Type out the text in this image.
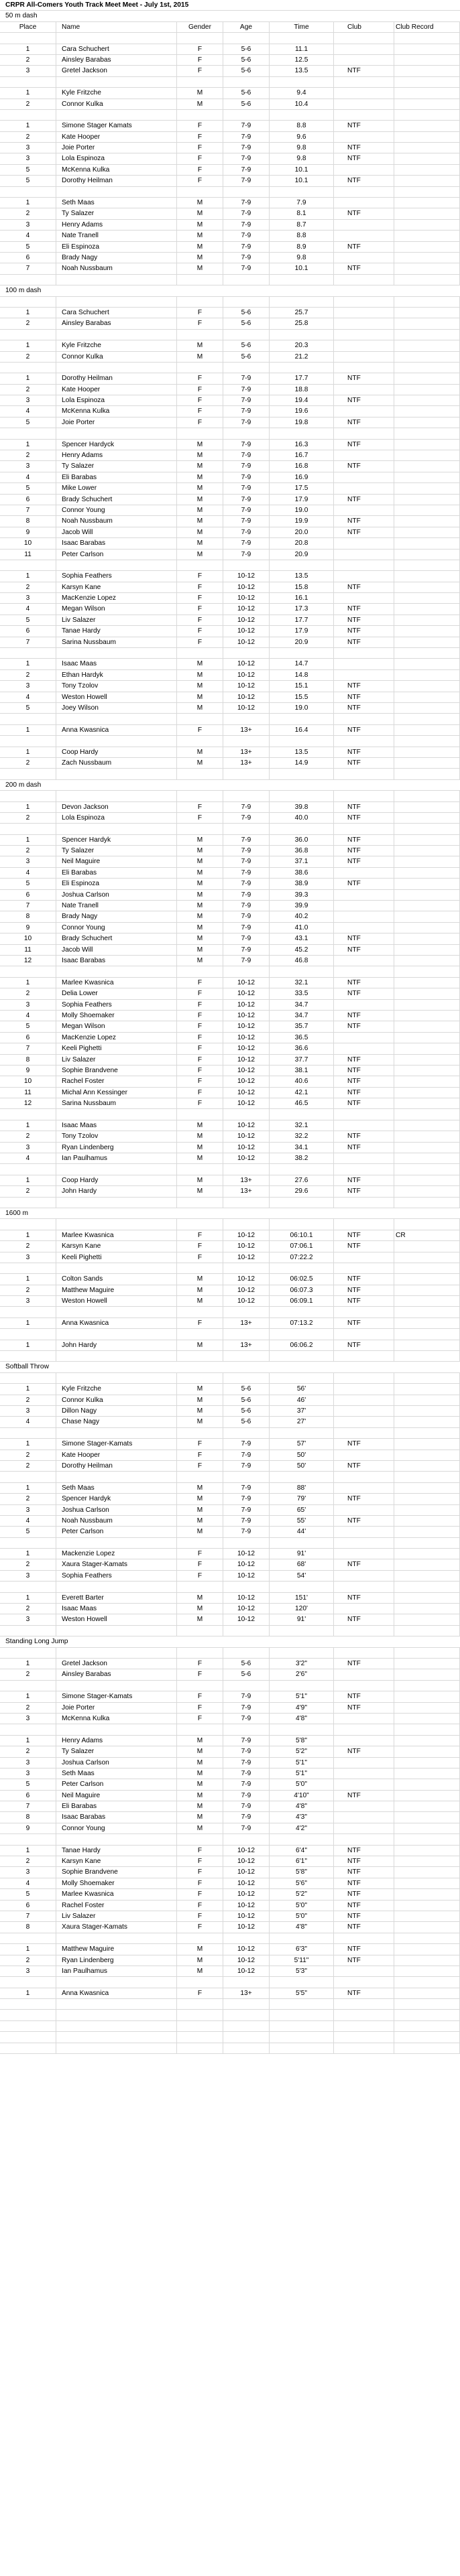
CRPR All-Comers Youth Track Meet Meet - July 1st, 2015
50 m dash
Place	Name	Gender	Age	Time	Club	Club Record
1	Cara Schuchert	F	5-6	11.1
2	Ainsley Barabas	F	5-6	12.5
3	Gretel Jackson	F	5-6	13.5	NTF
1	Kyle Fritzche	M	5-6	9.4
2	Connor Kulka	M	5-6	10.4
1	Simone Stager Kamats	F	7-9	8.8	NTF
2	Kate Hooper	F	7-9	9.6
3	Joie Porter	F	7-9	9.8	NTF
3	Lola Espinoza	F	7-9	9.8	NTF
5	McKenna Kulka	F	7-9	10.1
5	Dorothy Heilman	F	7-9	10.1	NTF
1	Seth Maas	M	7-9	7.9
2	Ty Salazer	M	7-9	8.1	NTF
3	Henry Adams	M	7-9	8.7
4	Nate Tranell	M	7-9	8.8
5	Eli Espinoza	M	7-9	8.9	NTF
6	Brady Nagy	M	7-9	9.8
7	Noah Nussbaum	M	7-9	10.1	NTF
100 m dash
1	Cara Schuchert	F	5-6	25.7
2	Ainsley Barabas	F	5-6	25.8
1	Kyle Fritzche	M	5-6	20.3
2	Connor Kulka	M	5-6	21.2
1	Dorothy Heilman	F	7-9	17.7	NTF
2	Kate Hooper	F	7-9	18.8
3	Lola Espinoza	F	7-9	19.4	NTF
4	McKenna Kulka	F	7-9	19.6
5	Joie Porter	F	7-9	19.8	NTF
1	Spencer Hardyck	M	7-9	16.3	NTF
2	Henry Adams	M	7-9	16.7
3	Ty Salazer	M	7-9	16.8	NTF
4	Eli Barabas	M	7-9	16.9
5	Mike Lower	M	7-9	17.5
6	Brady Schuchert	M	7-9	17.9	NTF
7	Connor Young	M	7-9	19.0
8	Noah Nussbaum	M	7-9	19.9	NTF
9	Jacob Will	M	7-9	20.0	NTF
10	Isaac Barabas	M	7-9	20.8
11	Peter Carlson	M	7-9	20.9
1	Sophia Feathers	F	10-12	13.5
2	Karsyn Kane	F	10-12	15.8	NTF
3	MacKenzie Lopez	F	10-12	16.1
4	Megan Wilson	F	10-12	17.3	NTF
5	Liv Salazer	F	10-12	17.7	NTF
6	Tanae Hardy	F	10-12	17.9	NTF
7	Sarina Nussbaum	F	10-12	20.9	NTF
1	Isaac Maas	M	10-12	14.7
2	Ethan Hardyk	M	10-12	14.8
3	Tony Tzolov	M	10-12	15.1	NTF
4	Weston Howell	M	10-12	15.5	NTF
5	Joey Wilson	M	10-12	19.0	NTF
1	Anna Kwasnica	F	13+	16.4	NTF
1	Coop Hardy	M	13+	13.5	NTF
2	Zach Nussbaum	M	13+	14.9	NTF
200 m dash
1	Devon Jackson	F	7-9	39.8	NTF
2	Lola Espinoza	F	7-9	40.0	NTF
1	Spencer Hardyk	M	7-9	36.0	NTF
2	Ty Salazer	M	7-9	36.8	NTF
3	Neil Maguire	M	7-9	37.1	NTF
4	Eli Barabas	M	7-9	38.6
5	Eli Espinoza	M	7-9	38.9	NTF
6	Joshua Carlson	M	7-9	39.3
7	Nate Tranell	M	7-9	39.9
8	Brady Nagy	M	7-9	40.2
9	Connor Young	M	7-9	41.0
10	Brady Schuchert	M	7-9	43.1	NTF
11	Jacob Will	M	7-9	45.2	NTF
12	Isaac Barabas	M	7-9	46.8
1	Marlee Kwasnica	F	10-12	32.1	NTF
2	Delia Lower	F	10-12	33.5	NTF
3	Sophia Feathers	F	10-12	34.7
4	Molly Shoemaker	F	10-12	34.7	NTF
5	Megan Wilson	F	10-12	35.7	NTF
6	MacKenzie Lopez	F	10-12	36.5
7	Keeli Pighetti	F	10-12	36.6
8	Liv Salazer	F	10-12	37.7	NTF
9	Sophie Brandvene	F	10-12	38.1	NTF
10	Rachel Foster	F	10-12	40.6	NTF
11	Michal Ann Kessinger	F	10-12	42.1	NTF
12	Sarina Nussbaum	F	10-12	46.5	NTF
1	Isaac Maas	M	10-12	32.1
2	Tony Tzolov	M	10-12	32.2	NTF
3	Ryan Lindenberg	M	10-12	34.1	NTF
4	Ian Paulhamus	M	10-12	38.2
1	Coop Hardy	M	13+	27.6	NTF
2	John Hardy	M	13+	29.6	NTF
1600 m
1	Marlee Kwasnica	F	10-12	06:10.1	NTF	CR
2	Karsyn Kane	F	10-12	07:06.1	NTF
3	Keeli Pighetti	F	10-12	07:22.2
1	Colton Sands	M	10-12	06:02.5	NTF
2	Matthew Maguire	M	10-12	06:07.3	NTF
3	Weston Howell	M	10-12	06:09.1	NTF
1	Anna Kwasnica	F	13+	07:13.2	NTF
1	John Hardy	M	13+	06:06.2	NTF
Softball Throw
1	Kyle Fritzche	M	5-6	56'
2	Connor Kulka	M	5-6	46'
3	Dillon Nagy	M	5-6	37'
4	Chase Nagy	M	5-6	27'
1	Simone Stager-Kamats	F	7-9	57'	NTF
2	Kate Hooper	F	7-9	50'
2	Dorothy Heilman	F	7-9	50'	NTF
1	Seth Maas	M	7-9	88'
2	Spencer Hardyk	M	7-9	79'	NTF
3	Joshua Carlson	M	7-9	65'
4	Noah Nussbaum	M	7-9	55'	NTF
5	Peter Carlson	M	7-9	44'
1	Mackenzie Lopez	F	10-12	91'
2	Xaura Stager-Kamats	F	10-12	68'	NTF
3	Sophia Feathers	F	10-12	54'
1	Everett Barter	M	10-12	151'	NTF
2	Isaac Maas	M	10-12	120'
3	Weston Howell	M	10-12	91'	NTF
Standing Long Jump
1	Gretel Jackson	F	5-6	3'2"	NTF
2	Ainsley Barabas	F	5-6	2'6"
1	Simone Stager-Kamats	F	7-9	5'1"	NTF
2	Joie Porter	F	7-9	4'9"	NTF
3	McKenna Kulka	F	7-9	4'8"
1	Henry Adams	M	7-9	5'8"
2	Ty Salazer	M	7-9	5'2"	NTF
3	Joshua Carlson	M	7-9	5'1"
3	Seth Maas	M	7-9	5'1"
5	Peter Carlson	M	7-9	5'0"
6	Neil Maguire	M	7-9	4'10"	NTF
7	Eli Barabas	M	7-9	4'8"
8	Isaac Barabas	M	7-9	4'3"
9	Connor Young	M	7-9	4'2"
1	Tanae Hardy	F	10-12	6'4"	NTF
2	Karsyn Kane	F	10-12	6'1"	NTF
3	Sophie Brandvene	F	10-12	5'8"	NTF
4	Molly Shoemaker	F	10-12	5'6"	NTF
5	Marlee Kwasnica	F	10-12	5'2"	NTF
6	Rachel Foster	F	10-12	5'0"	NTF
7	Liv Salazer	F	10-12	5'0"	NTF
8	Xaura Stager-Kamats	F	10-12	4'8"	NTF
1	Matthew Maguire	M	10-12	6'3"	NTF
2	Ryan Lindenberg	M	10-12	5'11"	NTF
3	Ian Paulhamus	M	10-12	5'3"
1	Anna Kwasnica	F	13+	5'5"	NTF
